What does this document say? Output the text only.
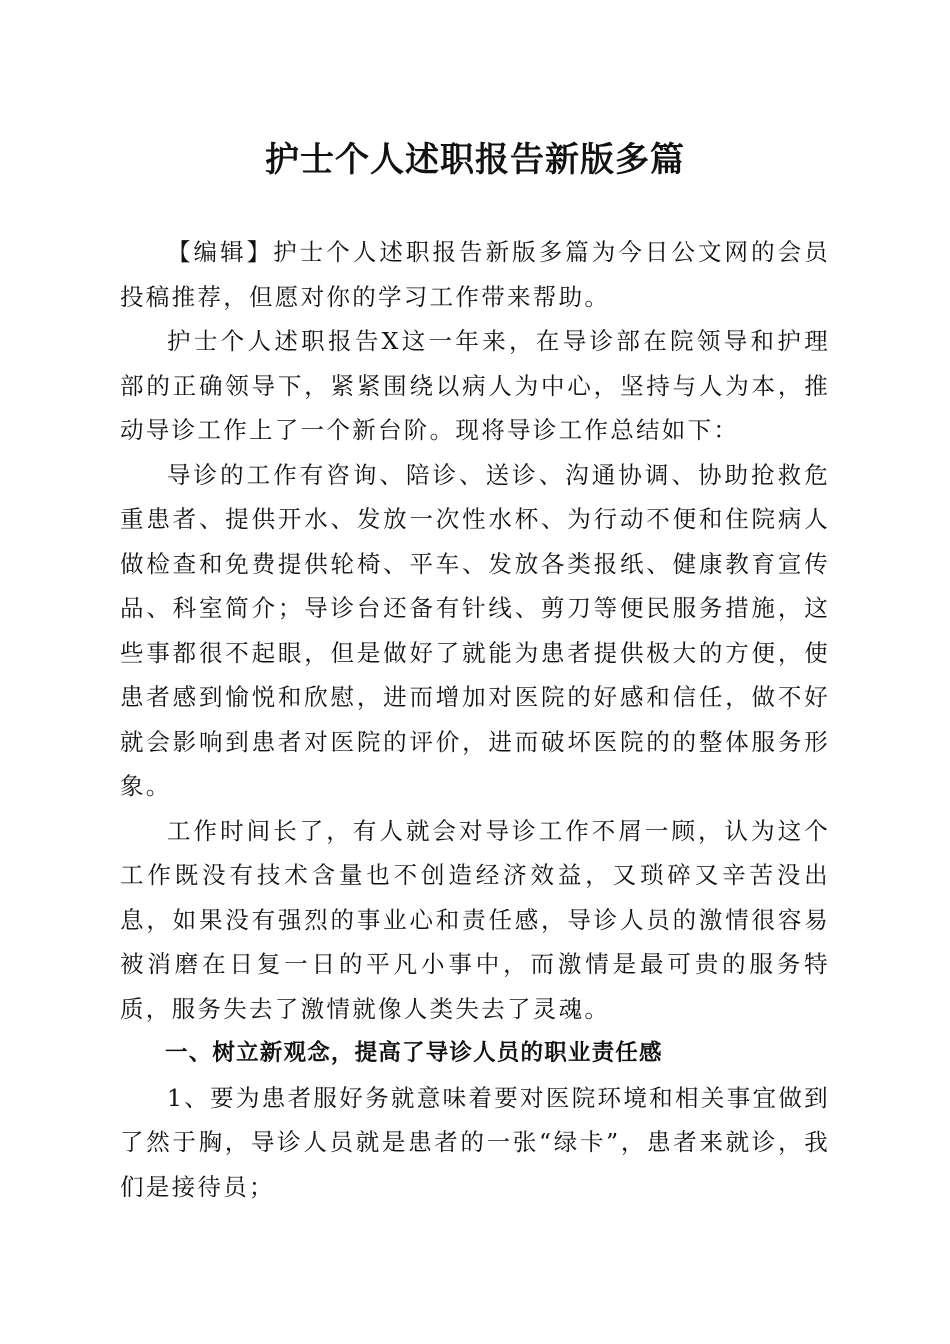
护士个人述职报告新版多篇

【编辑】护士个人述职报告新版多篇为今日公文网的会员投稿推荐，但愿对你的学习工作带来帮助。

护士个人述职报告X这一年来，在导诊部在院领导和护理部的正确领导下，紧紧围绕以病人为中心，坚持与人为本，推动导诊工作上了一个新台阶。现将导诊工作总结如下：

导诊的工作有咨询、陪诊、送诊、沟通协调、协助抢救危重患者、提供开水、发放一次性水杯、为行动不便和住院病人做检查和免费提供轮椅、平车、发放各类报纸、健康教育宣传品、科室简介；导诊台还备有针线、剪刀等便民服务措施，这些事都很不起眼，但是做好了就能为患者提供极大的方便，使患者感到愉悦和欣慰，进而增加对医院的好感和信任，做不好就会影响到患者对医院的评价，进而破坏医院的的整体服务形象。

工作时间长了，有人就会对导诊工作不屑一顾，认为这个工作既没有技术含量也不创造经济效益，又琐碎又辛苦没出息，如果没有强烈的事业心和责任感，导诊人员的激情很容易被消磨在日复一日的平凡小事中，而激情是最可贵的服务特质，服务失去了激情就像人类失去了灵魂。

一、树立新观念，提高了导诊人员的职业责任感

1、要为患者服好务就意味着要对医院环境和相关事宜做到了然于胸，导诊人员就是患者的一张“绿卡”，患者来就诊，我们是接待员；
